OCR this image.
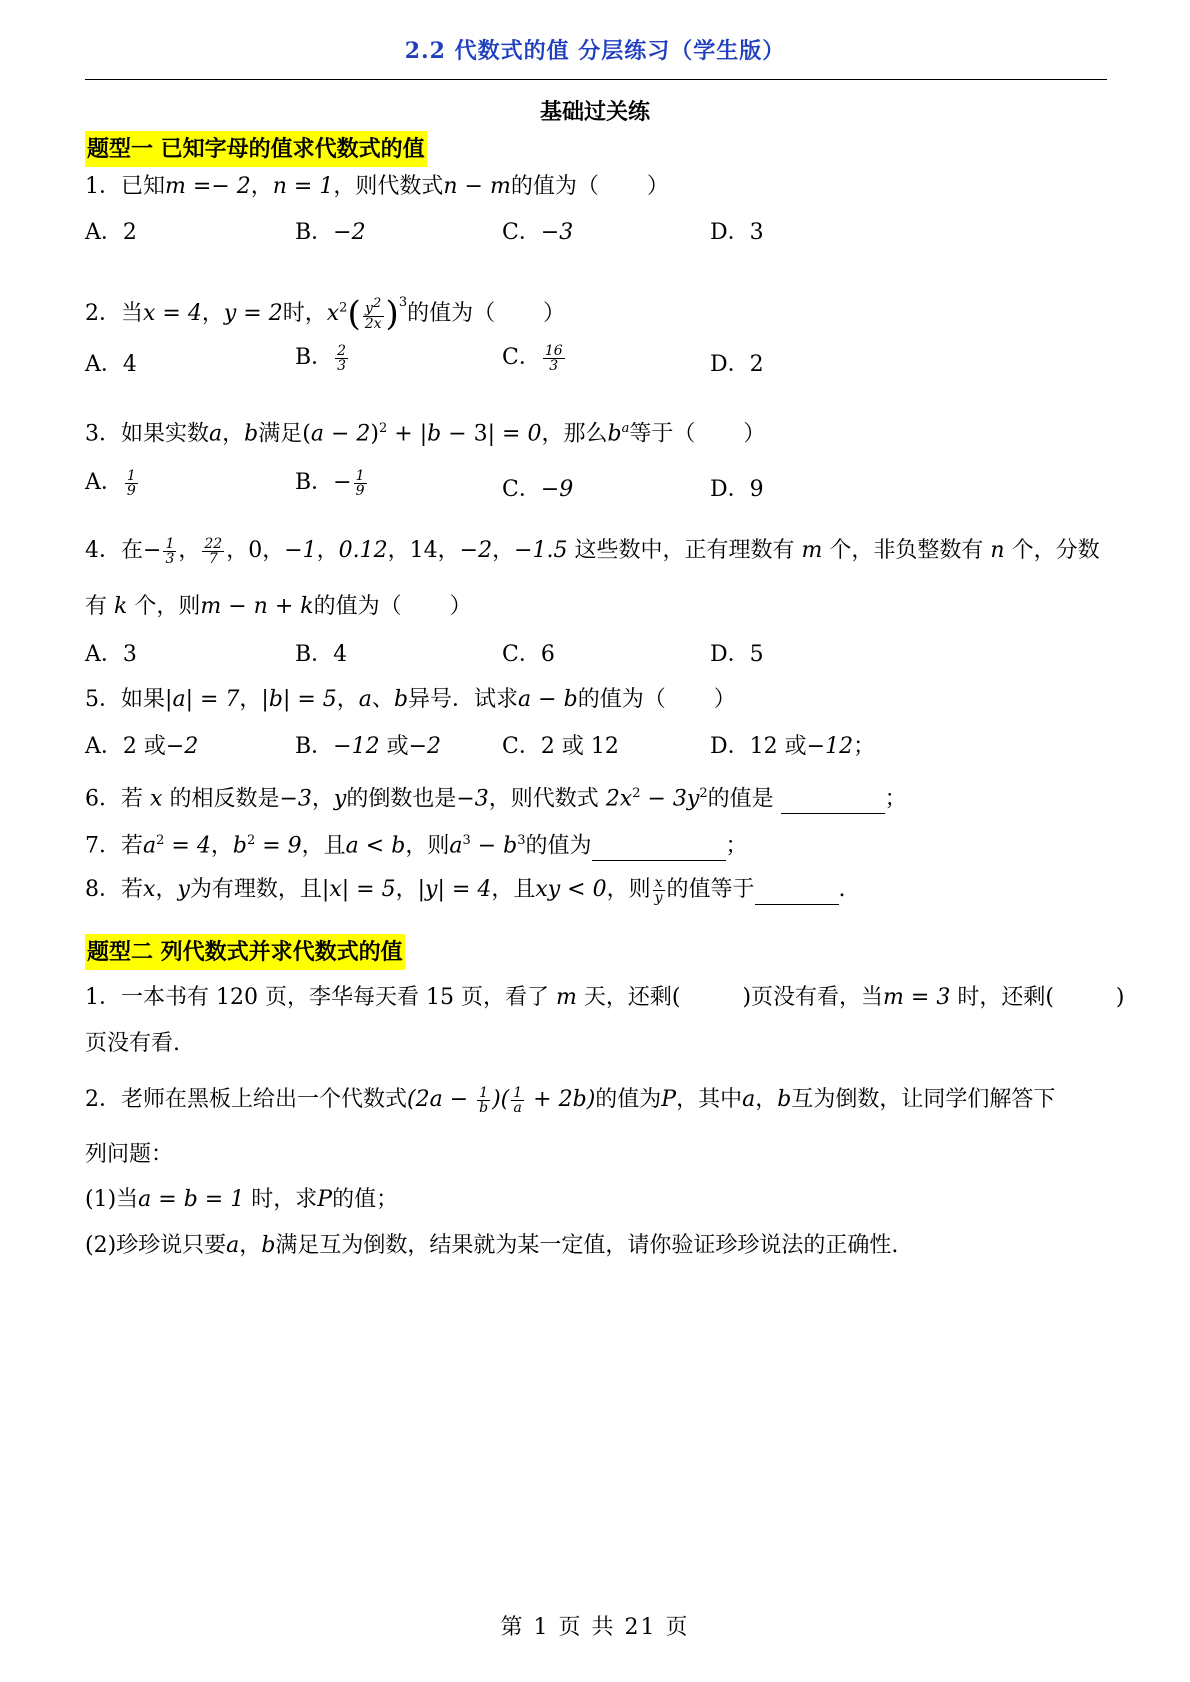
2.2 代数式的值 分层练习（学生版）
基础过关练
题型一 已知字母的值求代数式的值
1．已知m =− 2，n = 1，则代数式n − m的值为（ ）
A．2	B．−2	C．−3	D．3
2．当x = 4，y = 2时，$x^2( \frac{y^2}{2x} )^3$的值为（ ）
A．4	B． $\frac{2}{3}$	C． $\frac{16}{3}$	D．2
3．如果实数a，b满足$(a - 2)^2 + |b - 3| = 0$，那么$b^a$等于（ ）
A． $\frac{1}{9}$	B．− $\frac{1}{9}$	C．−9	D．9
4．在− $\frac{1}{3}$ ， $\frac{22}{7}$ ，0，−1，0.12，14，−2，−1.5 这些数中，正有理数有 m 个，非负整数有 n 个，分数
有 k 个，则m − n + k的值为（ ）
A．3	B．4	C．6	D．5
5．如果|a| = 7，|b| = 5，a、b异号．试求a − b的值为（ ）
A．2 或−2	B．−12 或−2	C．2 或 12	D．12 或−12；
6．若 x 的相反数是−3，y的倒数也是−3，则代数式 $2x^2 - 3y^2$的值是	；
7．若$a^2 = 4$，$b^2 = 9$，且a < b，则$a^3 - b^3$的值为	；
8．若x，y为有理数，且|x| = 5，|y| = 4，且xy < 0，则 $\frac{x}{y}$ 的值等于	.
题型二 列代数式并求代数式的值
1．一本书有 120 页，李华每天看 15 页，看了 m 天，还剩(	)页没有看，当m = 3 时，还剩(	)
页没有看.
2．老师在黑板上给出一个代数式($2a - \frac{1}{b}$ )( $\frac{1}{a} + 2b$)的值为P，其中a，b互为倒数，让同学们解答下
列问题：
(1)当a = b = 1 时，求P的值；
(2)珍珍说只要a，b满足互为倒数，结果就为某一定值，请你验证珍珍说法的正确性.
第 1 页 共 21 页
